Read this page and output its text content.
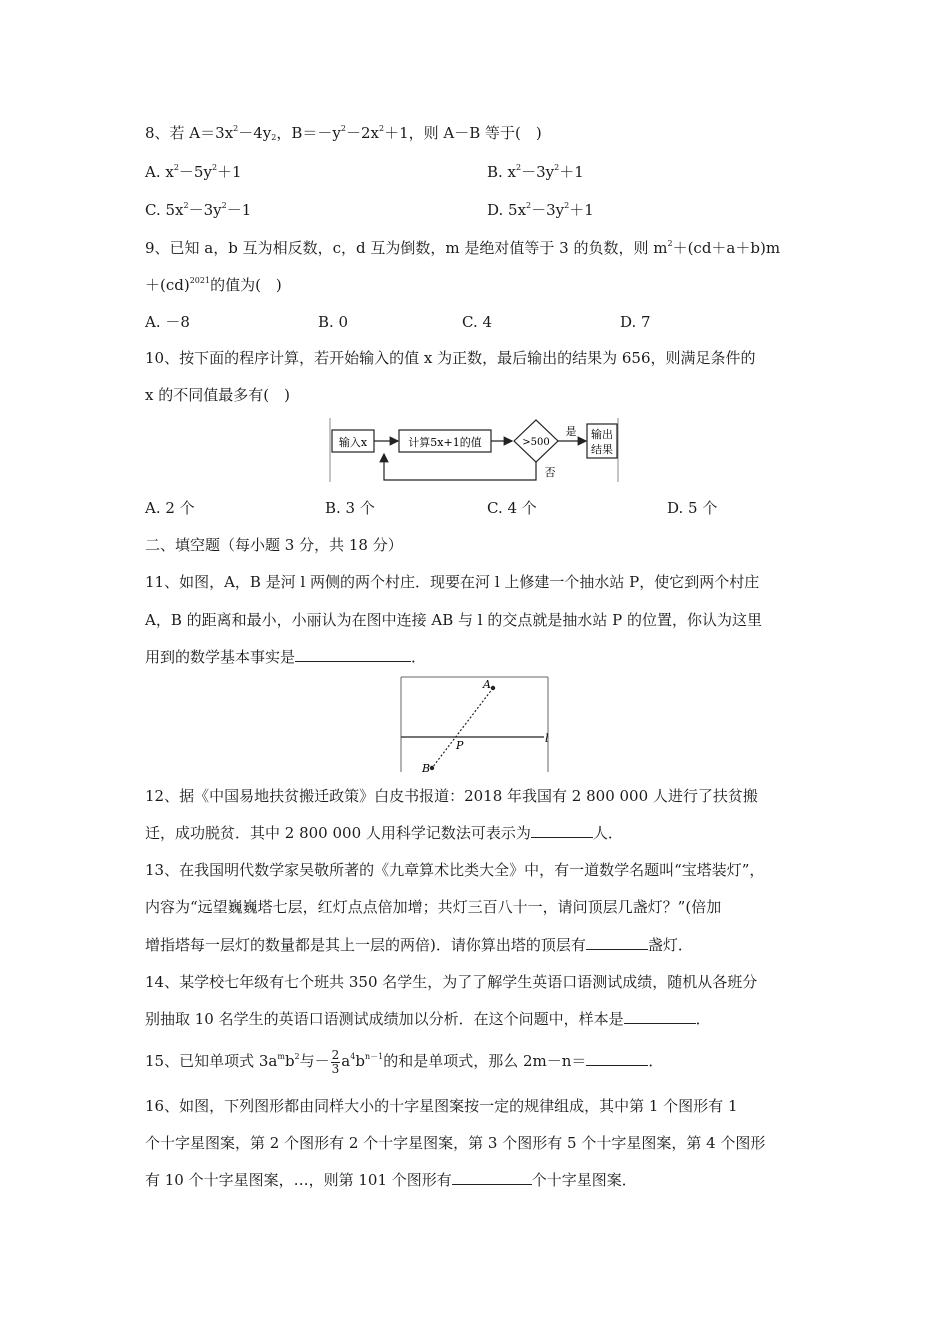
8、若 $A=3x^2-4y_2$，$B=-y^2-2x^2+1$，则 A－B 等于(　)
A. $x^2-5y^2+1$	B. $x^2-3y^2+1$
C. $5x^2-3y^2-1$	D. $5x^2-3y^2+1$
9、已知 a，b 互为相反数，c，d 互为倒数，m 是绝对值等于 3 的负数，则 $m^2+(cd+a+b)m$
＋(cd)$^{2021}$的值为(　)
A. －8	B. 0	C. 4	D. 7
10、按下面的程序计算，若开始输入的值 x 为正数，最后输出的结果为 656，则满足条件的
x 的不同值最多有(　)
输入x	计算5x+1的值	>500
是 输出
结果
否
A. 2 个	B. 3 个	C. 4 个	D. 5 个
二、填空题（每小题 3 分，共 18 分）
11、如图，A，B 是河 l 两侧的两个村庄．现要在河 l 上修建一个抽水站 P，使它到两个村庄
A，B 的距离和最小，小丽认为在图中连接 AB 与 l 的交点就是抽水站 P 的位置，你认为这里
用到的数学基本事实是	．
A
B
P
l
12、据《中国易地扶贫搬迁政策》白皮书报道：2018 年我国有 2 800 000 人进行了扶贫搬
迁，成功脱贫．其中 2 800 000 人用科学记数法可表示为	人．
13、在我国明代数学家吴敬所著的《九章算术比类大全》中，有一道数学名题叫“宝塔装灯”，
内容为“远望巍巍塔七层，红灯点点倍加增；共灯三百八十一，请问顶层几盏灯？”(倍加
增指塔每一层灯的数量都是其上一层的两倍)．请你算出塔的顶层有	盏灯．
14、某学校七年级有七个班共 350 名学生，为了了解学生英语口语测试成绩，随机从各班分
别抽取 10 名学生的英语口语测试成绩加以分析．在这个问题中，样本是	．
15、已知单项式 $3a^mb^2$与－ $\frac{2}{3} a^4b^{n-1}$的和是单项式，那么 2m－n＝	．
16、如图，下列图形都由同样大小的十字星图案按一定的规律组成，其中第 1 个图形有 1
个十字星图案，第 2 个图形有 2 个十字星图案，第 3 个图形有 5 个十字星图案，第 4 个图形
有 10 个十字星图案，…，则第 101 个图形有	个十字星图案．
